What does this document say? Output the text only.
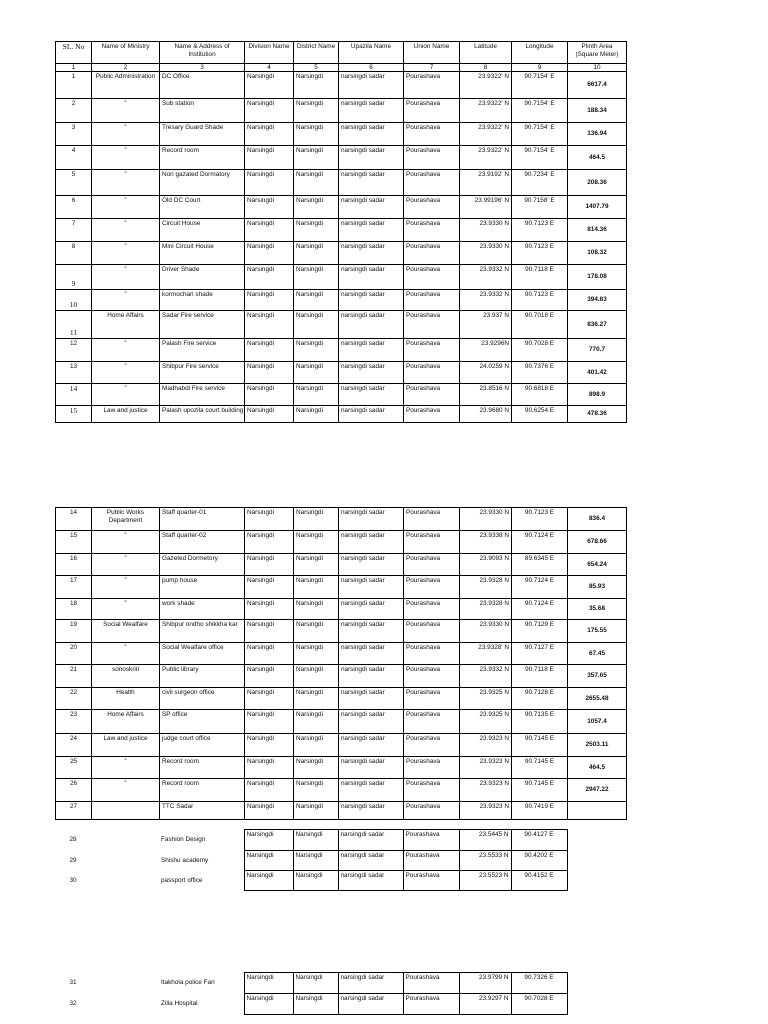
SL. No	Name of Ministry	Name & Address of Institution	Division Name	District Name	Upazila Name	Union Name	Latitude	Longitude	Plinth Area (Square Meter)
1	2	3	4	5	6	7	8	9	10
1	Public Administration	DC Office	Narsingdi	Narsingdi	narsingdi sadar	Pourashava	23.9322' N	90.7154' E	6617.4
2	"	Sub station	Narsingdi	Narsingdi	narsingdi sadar	Pourashava	23.9322' N	90.7154' E	188.34
3	"	Tresary Guard Shade	Narsingdi	Narsingdi	narsingdi sadar	Pourashava	23.9322' N	90.7154' E	136.94
4	"	Record room	Narsingdi	Narsingdi	narsingdi sadar	Pourashava	23.9322' N	90.7154' E	464.5
5	"	Non gazated Dormatory	Narsingdi	Narsingdi	narsingdi sadar	Pourashava	23.9192' N	90.7234' E	208.36
6	"	Old DC Court	Narsingdi	Narsingdi	narsingdi sadar	Pourashava	23.99196' N	90.7158' E	1407.79
7	"	Circuit House	Narsingdi	Narsingdi	narsingdi sadar	Pourashava	23.9330 N	90.7123 E	814.36
8	"	Mini Circuit House	Narsingdi	Narsingdi	narsingdi sadar	Pourashava	23.9330 N	90.7123 E	108.32
9	"	Driver Shade	Narsingdi	Narsingdi	narsingdi sadar	Pourashava	23.9332 N	90.7118 E	178.08
10	"	kormochari shade	Narsingdi	Narsingdi	narsingdi sadar	Pourashava	23.9332 N	90.7123 E	394.83
11	Home Affairs	Sadar Fire service	Narsingdi	Narsingdi	narsingdi sadar	Pourashava	23.937 N	90.7018 E	836.27
12	"	Palash Fire service	Narsingdi	Narsingdi	narsingdi sadar	Pourashava	23.9296N	90.7028 E	770.7
13	"	Shibpur Fire service	Narsingdi	Narsingdi	narsingdi sadar	Pourashava	24.0259 N	90.7376 E	401.42
14	"	Madhabdi Fire service	Narsingdi	Narsingdi	narsingdi sadar	Pourashava	23.8516 N	90.6818 E	898.9
15	Law and justice	Palash upozila court building	Narsingdi	Narsingdi	narsingdi sadar	Pourashava	23.9680 N	90.6254 E	478.36
14	Public Works Department	Staff quarter-01	Narsingdi	Narsingdi	narsingdi sadar	Pourashava	23.9330 N	90.7123 E	836.4
15	"	Staff quarter-02	Narsingdi	Narsingdi	narsingdi sadar	Pourashava	23.9338 N	90.7124 E	678.66
16	"	Gazeted Dormetory	Narsingdi	Narsingdi	narsingdi sadar	Pourashava	23.9093 N	89.6345 E	654.24
17	"	pump house	Narsingdi	Narsingdi	narsingdi sadar	Pourashava	23.9328 N	90.7124 E	85.93
18	"	work shade	Narsingdi	Narsingdi	narsingdi sadar	Pourashava	23.9328 N	90.7124 E	35.68
19	Social Wealfare	Shibpur ondho shikkha kar	Narsingdi	Narsingdi	narsingdi sadar	Pourashava	23.9330 N	90.7129 E	175.55
20	"	Social Wealfare office	Narsingdi	Narsingdi	narsingdi sadar	Pourashava	23.9328' N	90.7127 E	67.45
21	sonoskriti	Public library	Narsingdi	Narsingdi	narsingdi sadar	Pourashava	23.9332 N	90.7118 E	357.65
22	Health	civil surgeon office	Narsingdi	Narsingdi	narsingdi sadar	Pourashava	23.9325 N	90.7128 E	2655.48
23	Home Affairs	SP office	Narsingdi	Narsingdi	narsingdi sadar	Pourashava	23.9325 N	90.7135 E	1057.4
24	Law and justice	judge court office	Narsingdi	Narsingdi	narsingdi sadar	Pourashava	23.9323 N	90.7145 E	2503.11
25	"	Record room	Narsingdi	Narsingdi	narsingdi sadar	Pourashava	23.9323 N	90.7145 E	464.5
26	"	Record room	Narsingdi	Narsingdi	narsingdi sadar	Pourashava	23.9323 N	90.7145 E	2947.22
27		TTC Sadar	Narsingdi	Narsingdi	narsingdi sadar	Pourashava	23.9323 N	90.7419 E	
28		Fashion Design	Narsingdi	Narsingdi	narsingdi sadar	Pourashava	23.5445 N	90.4127 E	
29		Shishu academy	Narsingdi	Narsingdi	narsingdi sadar	Pourashava	23.5533 N	90.4202 E	
30		passport office	Narsingdi	Narsingdi	narsingdi sadar	Pourashava	23.5523 N	90.4152 E	
31		Itakhola police Fari	Narsingdi	Narsingdi	narsingdi sadar	Pourashava	23.9799 N	90.7326 E	
32		Zilla Hospital	Narsingdi	Narsingdi	narsingdi sadar	Pourashava	23.9297 N	90.7028 E	
